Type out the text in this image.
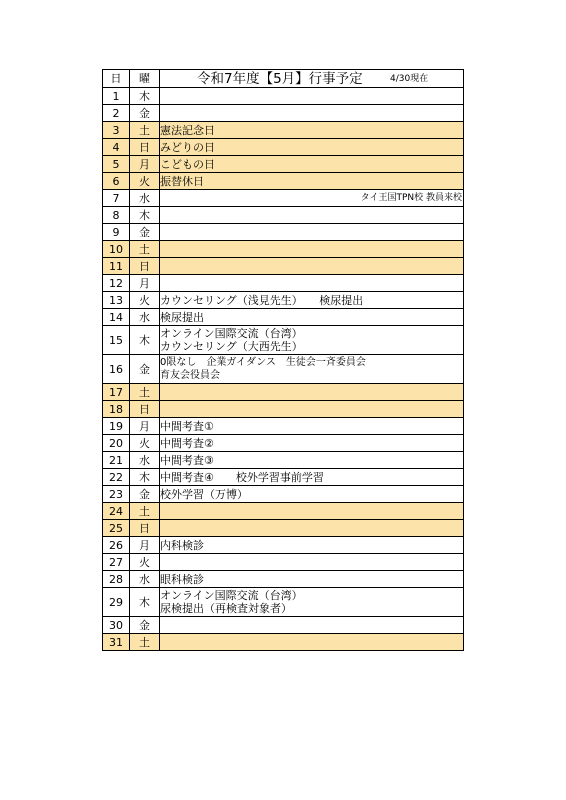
日	曜	令和7年度【5月】行事予定 4/30現在

1	木	
2	金	
3	土	憲法記念日

4	日	みどりの日

5	月	こどもの日

6	火	振替休日

7	水	タイ王国TPN校 教員来校

8	木	
9	金	
10	土	
11	日	
12	月	
13	火	カウンセリング（浅見先生）　　検尿提出

14	水	検尿提出

15	木	オンライン国際交流（台湾）
カウンセリング（大西先生）

16	金	0限なし　企業ガイダンス　生徒会一斉委員会
育友会役員会

17	土	
18	日	
19	月	中間考査①

20	火	中間考査②

21	水	中間考査③

22	木	中間考査④　　校外学習事前学習

23	金	校外学習（万博）

24	土	
25	日	
26	月	内科検診

27	火	
28	水	眼科検診

29	木	オンライン国際交流（台湾）
尿検提出（再検査対象者）

30	金	
31	土	
